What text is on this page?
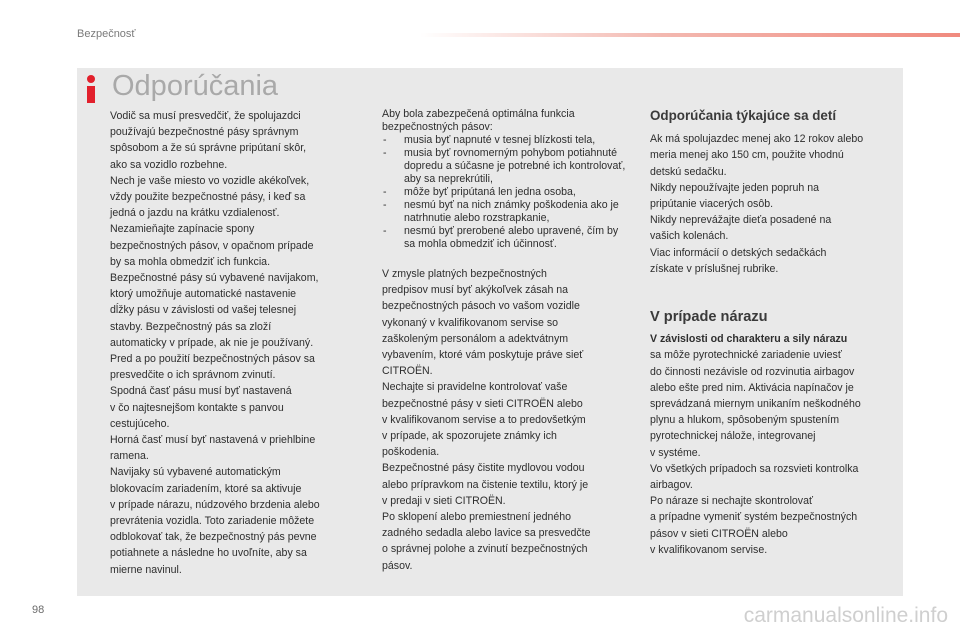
Bezpečnosť
Odporúčania

Vodič sa musí presvedčiť, že spolujazdci

používajú bezpečnostné pásy správnym

spôsobom a že sú správne pripútaní skôr,

ako sa vozidlo rozbehne.

Nech je vaše miesto vo vozidle akékoľvek,

vždy použite bezpečnostné pásy, i keď sa

jedná o jazdu na krátku vzdialenosť.

Nezamieňajte zapínacie spony

bezpečnostných pásov, v opačnom prípade

by sa mohla obmedziť ich funkcia.

Bezpečnostné pásy sú vybavené navijakom,

ktorý umožňuje automatické nastavenie

dĺžky pásu v závislosti od vašej telesnej

stavby. Bezpečnostný pás sa zloží

automaticky v prípade, ak nie je používaný.

Pred a po použití bezpečnostných pásov sa

presvedčite o ich správnom zvinutí.

Spodná časť pásu musí byť nastavená

v čo najtesnejšom kontakte s panvou

cestujúceho.

Horná časť musí byť nastavená v priehlbine

ramena.

Navijaky sú vybavené automatickým

blokovacím zariadením, ktoré sa aktivuje

v prípade nárazu, núdzového brzdenia alebo

prevrátenia vozidla. Toto zariadenie môžete

odblokovať tak, že bezpečnostný pás pevne

potiahnete a následne ho uvoľníte, aby sa

mierne navinul.

Aby bola zabezpečená optimálna funkcia

bezpečnostných pásov:

- musia byť napnuté v tesnej blízkosti tela,
- musia byť rovnomerným pohybom potiahnuté dopredu a súčasne je potrebné ich kontrolovať, aby sa neprekrútili,
- môže byť pripútaná len jedna osoba,
- nesmú byť na nich známky poškodenia ako je natrhnutie alebo rozstrapkanie,
- nesmú byť prerobené alebo upravené, čím by sa mohla obmedziť ich účinnosť.

V zmysle platných bezpečnostných

predpisov musí byť akýkoľvek zásah na

bezpečnostných pásoch vo vašom vozidle

vykonaný v kvalifikovanom servise so

zaškoleným personálom a adektvátnym

vybavením, ktoré vám poskytuje práve sieť

CITROËN.

Nechajte si pravidelne kontrolovať vaše

bezpečnostné pásy v sieti CITROËN alebo

v kvalifikovanom servise a to predovšetkým

v prípade, ak spozorujete známky ich

poškodenia.

Bezpečnostné pásy čistite mydlovou vodou

alebo prípravkom na čistenie textilu, ktorý je

v predaji v sieti CITROËN.

Po sklopení alebo premiestnení jedného

zadného sedadla alebo lavice sa presvedčte

o správnej polohe a zvinutí bezpečnostných

pásov.

Odporúčania týkajúce sa detí

Ak má spolujazdec menej ako 12 rokov alebo

meria menej ako 150 cm, použite vhodnú

detskú sedačku.

Nikdy nepoužívajte jeden popruh na

pripútanie viacerých osôb.

Nikdy neprevážajte dieťa posadené na

vašich kolenách.

Viac informácií o detských sedačkách

získate v príslušnej rubrike.

V prípade nárazu

V závislosti od charakteru a sily nárazu

sa môže pyrotechnické zariadenie uviesť

do činnosti nezávisle od rozvinutia airbagov

alebo ešte pred nim. Aktivácia napínačov je

sprevádzaná miernym unikaním neškodného

plynu a hlukom, spôsobeným spustením

pyrotechnickej nálože, integrovanej

v systéme.

Vo všetkých prípadoch sa rozsvieti kontrolka

airbagov.

Po náraze si nechajte skontrolovať

a prípadne vymeniť systém bezpečnostných

pásov v sieti CITROËN alebo

v kvalifikovanom servise.

98	carmanualsonline.info
